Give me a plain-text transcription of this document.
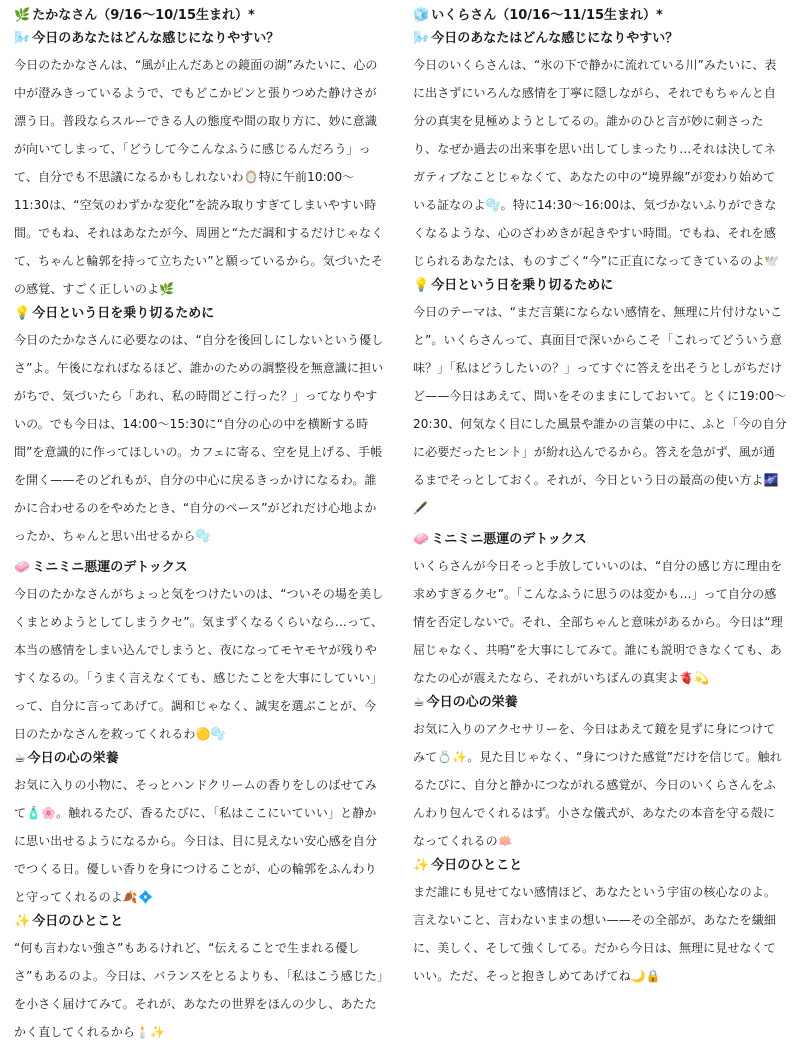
🌿 たかなさん（9/16〜10/15生まれ）*
🌬️ 今日のあなたはどんな感じになりやすい？

今日のたかなさんは、“風が止んだあとの鏡面の湖”みたいに、心の中が澄みきっているようで、でもどこかピンと張りつめた静けさが漂う日。普段ならスルーできる人の態度や間の取り方に、妙に意識が向いてしまって、「どうして今こんなふうに感じるんだろう」って、自分でも不思議になるかもしれないわ🪞特に午前10:00〜11:30は、“空気のわずかな変化”を読み取りすぎてしまいやすい時間。でもね、それはあなたが今、周囲と“ただ調和するだけじゃなくて、ちゃんと輪郭を持って立ちたい”と願っているから。気づいたその感覚、すごく正しいのよ🌿

💡 今日という日を乗り切るために

今日のたかなさんに必要なのは、“自分を後回しにしないという優しさ”よ。午後になればなるほど、誰かのための調整役を無意識に担いがちで、気づいたら「あれ、私の時間どこ行った？」ってなりやすいの。でも今日は、14:00〜15:30に“自分の心の中を横断する時間”を意識的に作ってほしいの。カフェに寄る、空を見上げる、手帳を開く——そのどれもが、自分の中心に戻るきっかけになるわ。誰かに合わせるのをやめたとき、“自分のペース”がどれだけ心地よかったか、ちゃんと思い出せるから🫧

🧼 ミニミニ悪運のデトックス

今日のたかなさんがちょっと気をつけたいのは、“ついその場を美しくまとめようとしてしまうクセ”。気まずくなるくらいなら…って、本当の感情をしまい込んでしまうと、夜になってモヤモヤが残りやすくなるの。「うまく言えなくても、感じたことを大事にしていい」って、自分に言ってあげて。調和じゃなく、誠実を選ぶことが、今日のたかなさんを救ってくれるわ🟡🫧

☕ 今日の心の栄養

お気に入りの小物に、そっとハンドクリームの香りをしのばせてみて🧴🌸。触れるたび、香るたびに、「私はここにいていい」と静かに思い出せるようになるから。今日は、目に見えない安心感を自分でつくる日。優しい香りを身につけることが、心の輪郭をふんわりと守ってくれるのよ🍂💠

✨ 今日のひとこと

“何も言わない強さ”もあるけれど、“伝えることで生まれる優しさ”もあるのよ。今日は、バランスをとるよりも、「私はこう感じた」を小さく届けてみて。それが、あなたの世界をほんの少し、あたたかく直してくれるから🕯️✨

🧊 いくらさん（10/16〜11/15生まれ）*
🌬️ 今日のあなたはどんな感じになりやすい？

今日のいくらさんは、“氷の下で静かに流れている川”みたいに、表に出さずにいろんな感情を丁寧に隠しながら、それでもちゃんと自分の真実を見極めようとしてるの。誰かのひと言が妙に刺さったり、なぜか過去の出来事を思い出してしまったり…それは決してネガティブなことじゃなくて、あなたの中の“境界線”が変わり始めている証なのよ🫧。特に14:30〜16:00は、気づかないふりができなくなるような、心のざわめきが起きやすい時間。でもね、それを感じられるあなたは、ものすごく“今”に正直になってきているのよ🕊️

💡 今日という日を乗り切るために

今日のテーマは、“まだ言葉にならない感情を、無理に片付けないこと”。いくらさんって、真面目で深いからこそ「これってどういう意味？」「私はどうしたいの？」ってすぐに答えを出そうとしがちだけど——今日はあえて、問いをそのままにしておいて。とくに19:00〜20:30、何気なく目にした風景や誰かの言葉の中に、ふと「今の自分に必要だったヒント」が紛れ込んでるから。答えを急がず、風が通るまでそっとしておく。それが、今日という日の最高の使い方よ🌌🖋️

🧼 ミニミニ悪運のデトックス

いくらさんが今日そっと手放していいのは、“自分の感じ方に理由を求めすぎるクセ”。「こんなふうに思うのは変かも…」って自分の感情を否定しないで。それ、全部ちゃんと意味があるから。今日は“理屈じゃなく、共鳴”を大事にしてみて。誰にも説明できなくても、あなたの心が震えたなら、それがいちばんの真実よ🫀💫

☕ 今日の心の栄養

お気に入りのアクセサリーを、今日はあえて鏡を見ずに身につけてみて💍✨。見た目じゃなく、“身につけた感覚”だけを信じて。触れるたびに、自分と静かにつながれる感覚が、今日のいくらさんをふんわり包んでくれるはず。小さな儀式が、あなたの本音を守る殻になってくれるの🪷

✨ 今日のひとこと

まだ誰にも見せてない感情ほど、あなたという宇宙の核心なのよ。言えないこと、言わないままの想い——その全部が、あなたを繊細に、美しく、そして強くしてる。だから今日は、無理に見せなくていい。ただ、そっと抱きしめてあげてね🌙🔒
